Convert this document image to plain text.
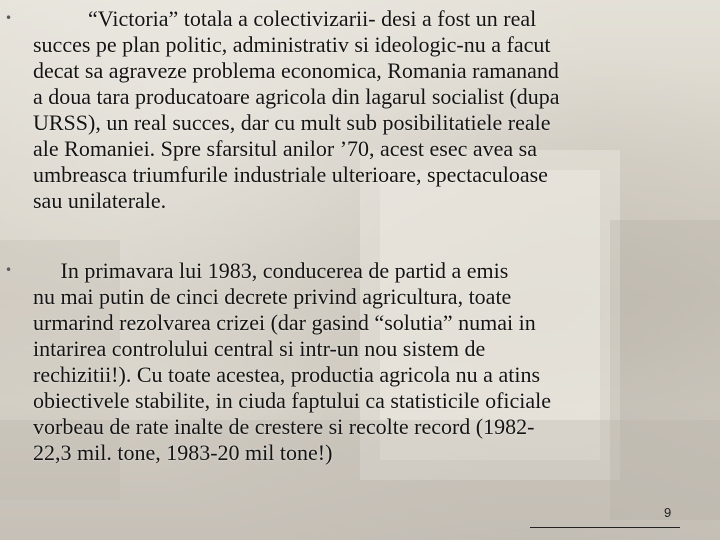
• “Victoria” totala a colectivizarii- desi a fost un real
succes pe plan politic, administrativ si ideologic-nu a facut
decat sa agraveze problema economica, Romania ramanand
a doua tara producatoare agricola din lagarul socialist (dupa
URSS), un real succes, dar cu mult sub posibilitatiele reale
ale Romaniei. Spre sfarsitul anilor ’70, acest esec avea sa
umbreasca triumfurile industriale ulterioare, spectaculoase
sau unilaterale.
• In primavara lui 1983, conducerea de partid a emis
nu mai putin de cinci decrete privind agricultura, toate
urmarind rezolvarea crizei (dar gasind “solutia” numai in
intarirea controlului central si intr-un nou sistem de
rechizitii!). Cu toate acestea, productia agricola nu a atins
obiectivele stabilite, in ciuda faptului ca statisticile oficiale
vorbeau de rate inalte de crestere si recolte record (1982-
22,3 mil. tone, 1983-20 mil tone!)
9
